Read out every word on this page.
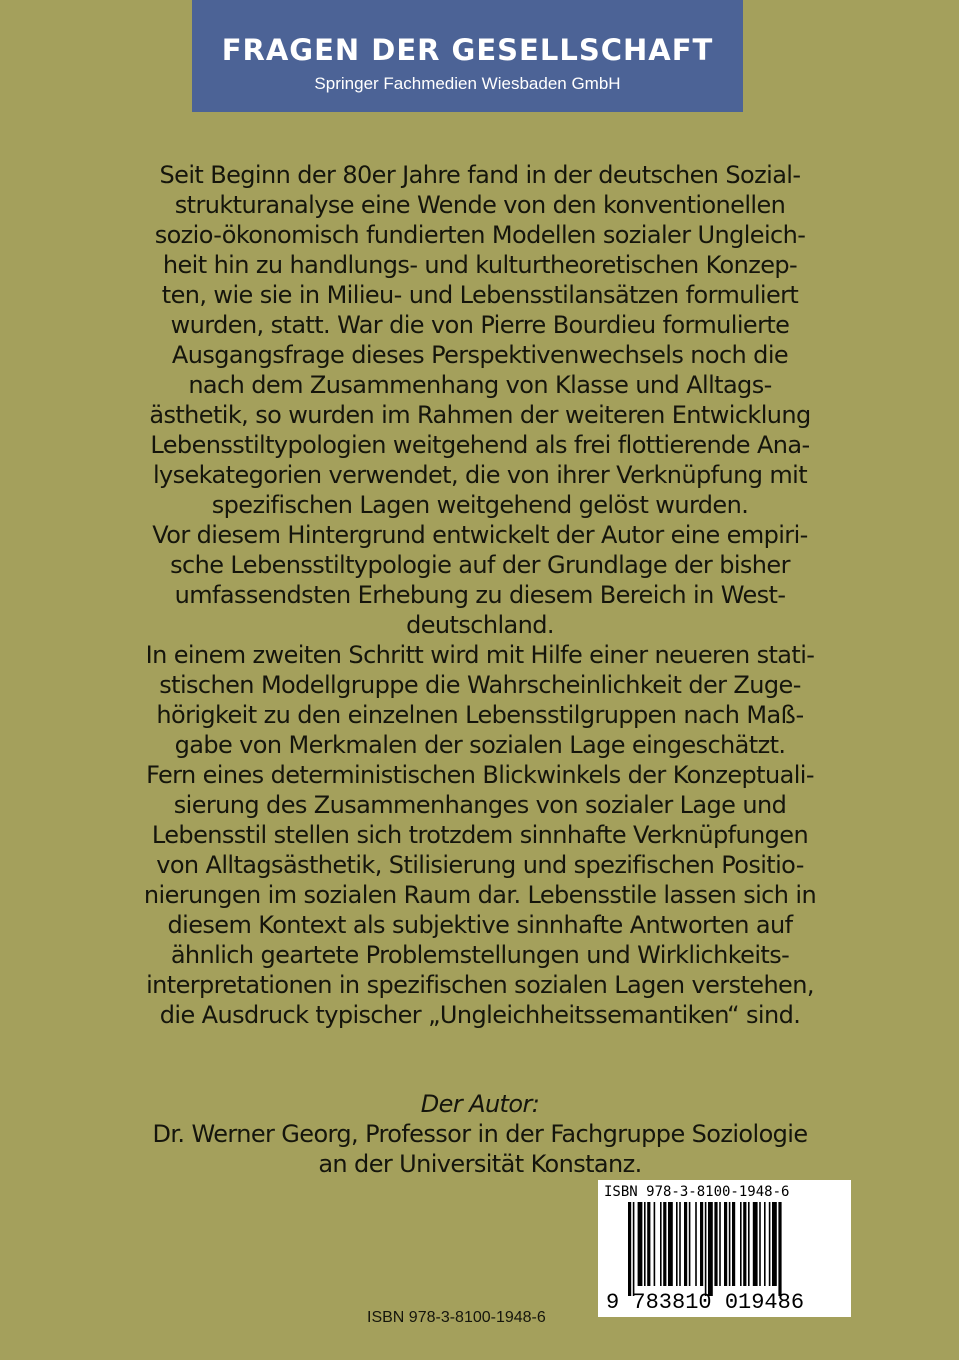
FRAGEN DER GESELLSCHAFT
Springer Fachmedien Wiesbaden GmbH
Seit Beginn der 80er Jahre fand in der deutschen Sozial-
strukturanalyse eine Wende von den konventionellen
sozio-ökonomisch fundierten Modellen sozialer Ungleich-
heit hin zu handlungs- und kulturtheoretischen Konzep-
ten, wie sie in Milieu- und Lebensstilansätzen formuliert
wurden, statt. War die von Pierre Bourdieu formulierte
Ausgangsfrage dieses Perspektivenwechsels noch die
nach dem Zusammenhang von Klasse und Alltags-
ästhetik, so wurden im Rahmen der weiteren Entwicklung
Lebensstiltypologien weitgehend als frei flottierende Ana-
lysekategorien verwendet, die von ihrer Verknüpfung mit
spezifischen Lagen weitgehend gelöst wurden.
Vor diesem Hintergrund entwickelt der Autor eine empiri-
sche Lebensstiltypologie auf der Grundlage der bisher
umfassendsten Erhebung zu diesem Bereich in West-
deutschland.
In einem zweiten Schritt wird mit Hilfe einer neueren stati-
stischen Modellgruppe die Wahrscheinlichkeit der Zuge-
hörigkeit zu den einzelnen Lebensstilgruppen nach Maß-
gabe von Merkmalen der sozialen Lage eingeschätzt.
Fern eines deterministischen Blickwinkels der Konzeptuali-
sierung des Zusammenhanges von sozialer Lage und
Lebensstil stellen sich trotzdem sinnhafte Verknüpfungen
von Alltagsästhetik, Stilisierung und spezifischen Positio-
nierungen im sozialen Raum dar. Lebensstile lassen sich in
diesem Kontext als subjektive sinnhafte Antworten auf
ähnlich geartete Problemstellungen und Wirklichkeits-
interpretationen in spezifischen sozialen Lagen verstehen,
die Ausdruck typischer „Ungleichheitssemantiken“ sind.
Der Autor:
Dr. Werner Georg, Professor in der Fachgruppe Soziologie
an der Universität Konstanz.
ISBN 978-3-8100-1948-6
9 783810 019486
ISBN 978-3-8100-1948-6
